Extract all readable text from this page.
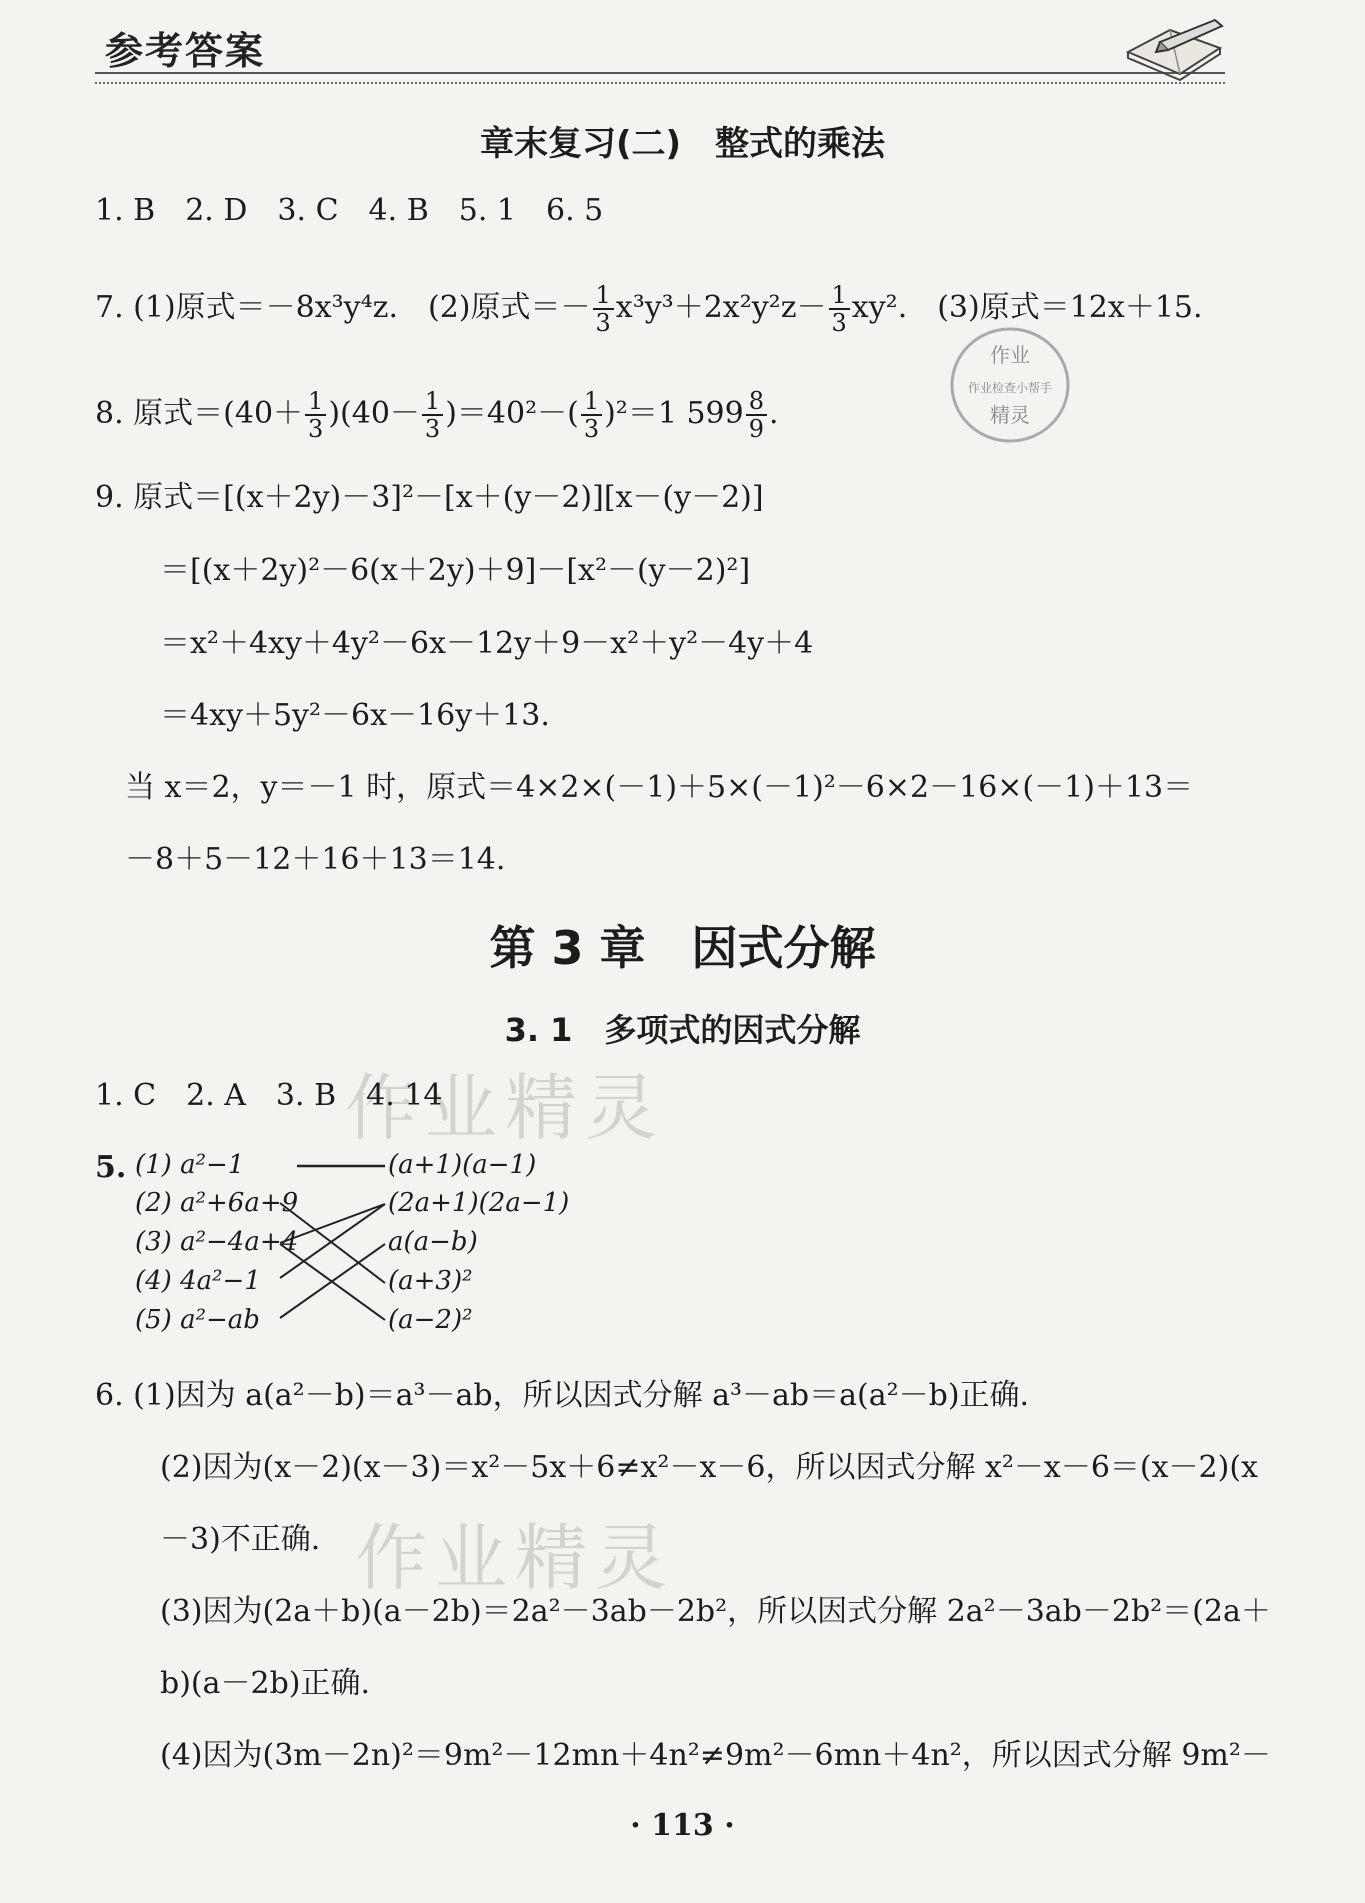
参考答案
章末复习(二)　整式的乘法
1. B　2. D　3. C　4. B　5. 1　6. 5
7. (1)原式＝－8x³y⁴z.　(2)原式＝－ $\frac{1}{3} x^3y^3+2x^2y^2z- \frac{1}{3} xy^2$.　(3)原式＝12x＋15.
作业
作业检查小帮手
精灵
8. 原式$=(40+ \frac{1}{3} )(40- \frac{1}{3} )=40^2-( \frac{1}{3} )^2=1$ $599 \frac{8}{9}$ .
9. 原式＝[(x＋2y)－3]²－[x＋(y－2)][x－(y－2)]
＝[(x＋2y)²－6(x＋2y)＋9]－[x²－(y－2)²]
＝x²＋4xy＋4y²－6x－12y＋9－x²＋y²－4y＋4
＝4xy＋5y²－6x－16y＋13.
当 x＝2，y＝－1 时，原式＝4×2×(－1)＋5×(－1)²－6×2－16×(－1)＋13＝
－8＋5－12＋16＋13＝14.
第 3 章　因式分解
3. 1　多项式的因式分解
作业精灵
作业精灵
1. C　2. A　3. B　4. 14
5. (1) a²−1
(2) a²+6a+9
(3) a²−4a+4
(4) 4a²−1
(5) a²−ab
(a+1)(a−1)
(2a+1)(2a−1)
a(a−b)
(a+3)²
(a−2)²
6. (1)因为 a(a²－b)＝a³－ab，所以因式分解 a³－ab＝a(a²－b)正确.
(2)因为(x－2)(x－3)＝x²－5x＋6≠x²－x－6，所以因式分解 x²－x－6＝(x－2)(x
－3)不正确.
(3)因为(2a＋b)(a－2b)＝2a²－3ab－2b²，所以因式分解 2a²－3ab－2b²＝(2a＋
b)(a－2b)正确.
(4)因为(3m－2n)²＝9m²－12mn＋4n²≠9m²－6mn＋4n²，所以因式分解 9m²－
· 113 ·
